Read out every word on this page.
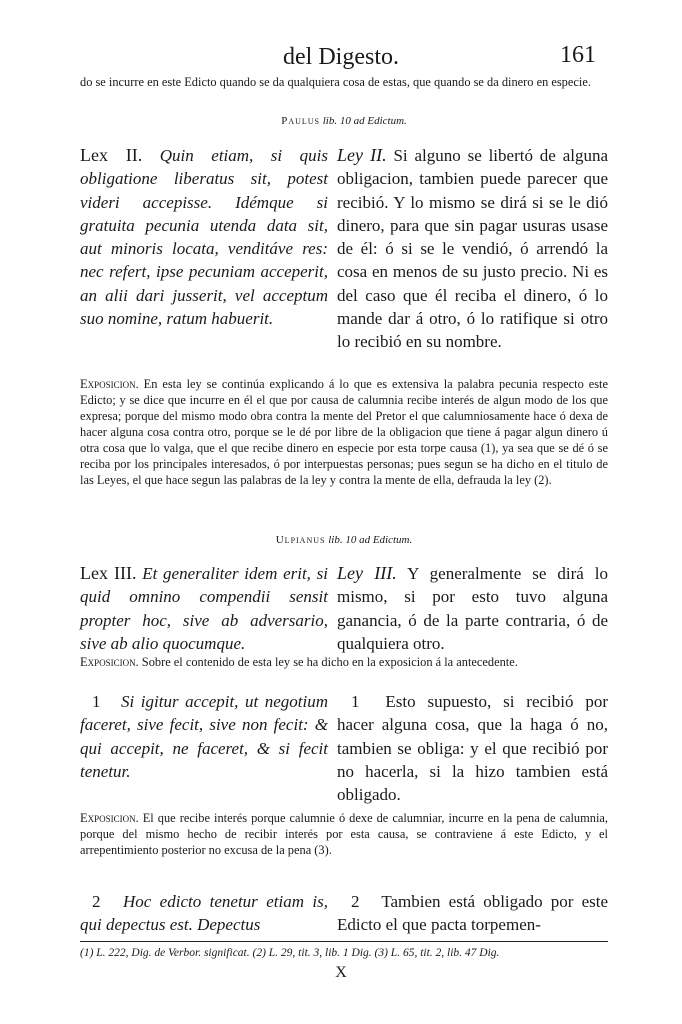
del Digesto.	161
do se incurre en este Edicto quando se da qualquiera cosa de estas, que quando se da dinero en especie.
Paulus lib. 10 ad Edictum.
Lex II. Quin etiam, si quis obligatione liberatus sit, potest videri accepisse. Idémque si gratuita pecunia utenda data sit, aut minoris locata, venditáve res: nec refert, ipse pecuniam acceperit, an alii dari jusserit, vel acceptum suo nomine, ratum habuerit.
Ley II. Si alguno se libertó de alguna obligacion, tambien puede parecer que recibió. Y lo mismo se dirá si se le dió dinero, para que sin pagar usuras usase de él: ó si se le vendió, ó arrendó la cosa en menos de su justo precio. Ni es del caso que él reciba el dinero, ó lo mande dar á otro, ó lo ratifique si otro lo recibió en su nombre.
Exposicion. En esta ley se continúa explicando á lo que es extensiva la palabra pecunia respecto este Edicto; y se dice que incurre en él el que por causa de calumnia recibe interés de algun modo de los que expresa; porque del mismo modo obra contra la mente del Pretor el que calumniosamente hace ó dexa de hacer alguna cosa contra otro, porque se le dé por libre de la obligacion que tiene á pagar algun dinero ú otra cosa que lo valga, que el que recibe dinero en especie por esta torpe causa (1), ya sea que se dé ó se reciba por los principales interesados, ó por interpuestas personas; pues segun se ha dicho en el titulo de las Leyes, el que hace segun las palabras de la ley y contra la mente de ella, defrauda la ley (2).
Ulpianus lib. 10 ad Edictum.
Lex III. Et generaliter idem erit, si quid omnino compendii sensit propter hoc, sive ab adversario, sive ab alio quocumque.
Ley III. Y generalmente se dirá lo mismo, si por esto tuvo alguna ganancia, ó de la parte contraria, ó de qualquiera otro.
Exposicion. Sobre el contenido de esta ley se ha dicho en la exposicion á la antecedente.
1 Si igitur accepit, ut negotium faceret, sive fecit, sive non fecit: & qui accepit, ne faceret, & si fecit tenetur.
1 Esto supuesto, si recibió por hacer alguna cosa, que la haga ó no, tambien se obliga: y el que recibió por no hacerla, si la hizo tambien está obligado.
Exposicion. El que recibe interés porque calumnie ó dexe de calumniar, incurre en la pena de calumnia, porque del mismo hecho de recibir interés por esta causa, se contraviene á este Edicto, y el arrepentimiento posterior no excusa de la pena (3).
2 Hoc edicto tenetur etiam is, qui depectus est. Depectus
2 Tambien está obligado por este Edicto el que pacta torpemen-
(1) L. 222, Dig. de Verbor. significat. (2) L. 29, tit. 3, lib. 1 Dig. (3) L. 65, tit. 2, lib. 47 Dig.
X
